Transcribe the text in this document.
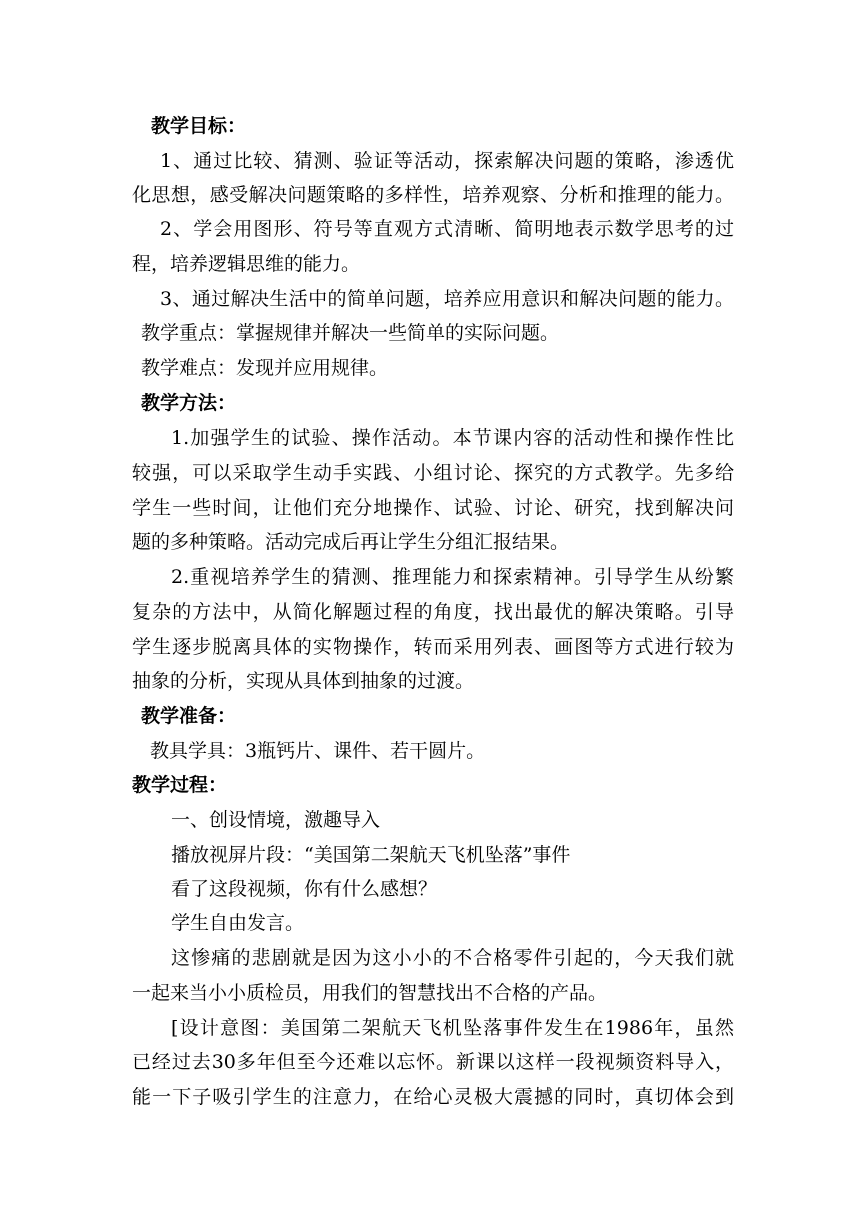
教学目标：
1、通过比较、猜测、验证等活动，探索解决问题的策略，渗透优
化思想，感受解决问题策略的多样性，培养观察、分析和推理的能力。
2、学会用图形、符号等直观方式清晰、简明地表示数学思考的过
程，培养逻辑思维的能力。
3、通过解决生活中的简单问题，培养应用意识和解决问题的能力。
教学重点：掌握规律并解决一些简单的实际问题。
教学难点：发现并应用规律。
教学方法：
1.加强学生的试验、操作活动。本节课内容的活动性和操作性比
较强，可以采取学生动手实践、小组讨论、探究的方式教学。先多给
学生一些时间，让他们充分地操作、试验、讨论、研究，找到解决问
题的多种策略。活动完成后再让学生分组汇报结果。
2.重视培养学生的猜测、推理能力和探索精神。引导学生从纷繁
复杂的方法中，从简化解题过程的角度，找出最优的解决策略。引导
学生逐步脱离具体的实物操作，转而采用列表、画图等方式进行较为
抽象的分析，实现从具体到抽象的过渡。
教学准备：
教具学具：3瓶钙片、课件、若干圆片。
教学过程：
一、创设情境，激趣导入
播放视屏片段：“美国第二架航天飞机坠落”事件
看了这段视频，你有什么感想？
学生自由发言。
这惨痛的悲剧就是因为这小小的不合格零件引起的，今天我们就
一起来当小小质检员，用我们的智慧找出不合格的产品。
[设计意图：美国第二架航天飞机坠落事件发生在1986年，虽然
已经过去30多年但至今还难以忘怀。新课以这样一段视频资料导入，
能一下子吸引学生的注意力，在给心灵极大震撼的同时，真切体会到
